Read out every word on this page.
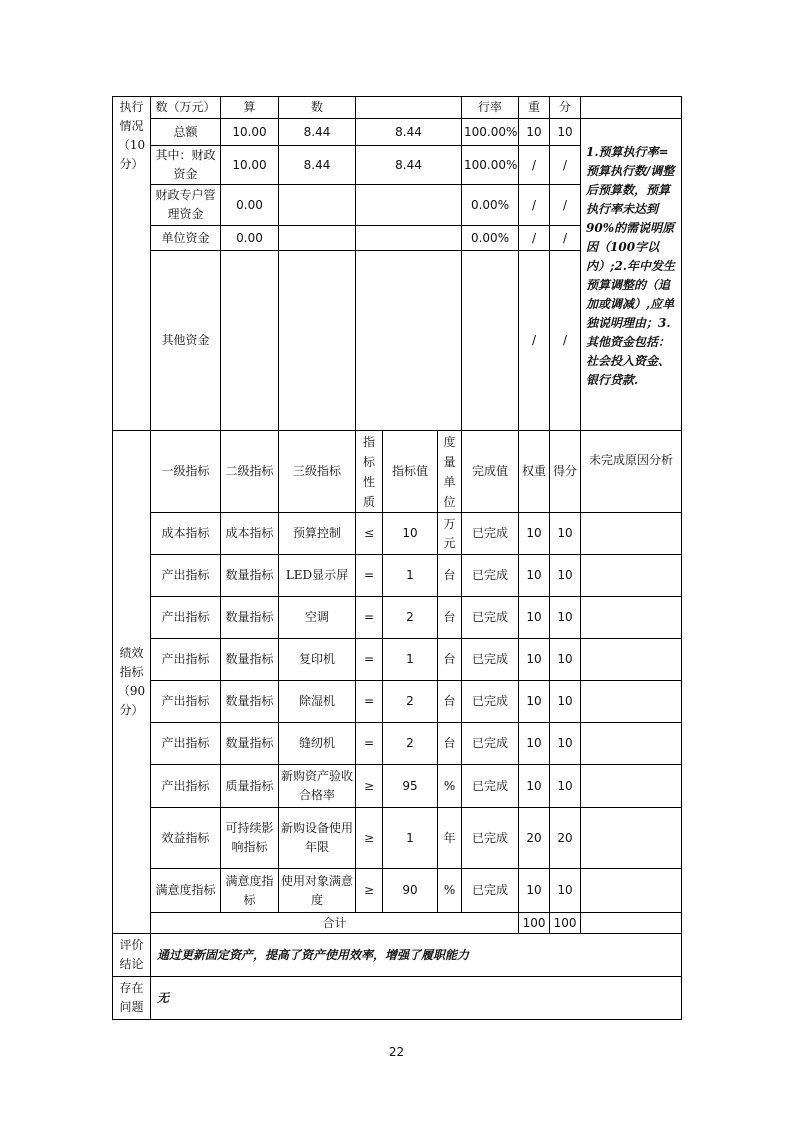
执行情况（10分）	数（万元）	算	数				行率	重	分	
	总额	10.00	8.44	8.44			100.00%	10	10	1.预算执行率=预算执行数/调整后预算数，预算执行率未达到90%的需说明原因（100字以内）;2.年中发生预算调整的（追加或调减）,应单独说明理由；3.其他资金包括：社会投入资金、银行贷款.
	其中：财政资金	10.00	8.44	8.44			100.00%	/	/	
	财政专户管理资金	0.00					0.00%	/	/	
	单位资金	0.00					0.00%	/	/	
	其他资金							/	/	
绩效指标（90分）	一级指标	二级指标	三级指标	指标性质	指标值	度量单位	完成值	权重	得分	未完成原因分析
	成本指标	成本指标	预算控制	≤	10	万元	已完成	10	10	
	产出指标	数量指标	LED显示屏	=	1	台	已完成	10	10	
	产出指标	数量指标	空调	=	2	台	已完成	10	10	
	产出指标	数量指标	复印机	=	1	台	已完成	10	10	
	产出指标	数量指标	除湿机	=	2	台	已完成	10	10	
	产出指标	数量指标	缝纫机	=	2	台	已完成	10	10	
	产出指标	质量指标	新购资产验收合格率	≥	95	%	已完成	10	10	
	效益指标	可持续影响指标	新购设备使用年限	≥	1	年	已完成	20	20	
	满意度指标	满意度指标	使用对象满意度	≥	90	%	已完成	10	10	
	合计							100	100	
评价结论	通过更新固定资产，提高了资产使用效率，增强了履职能力									
存在问题	无									
22
